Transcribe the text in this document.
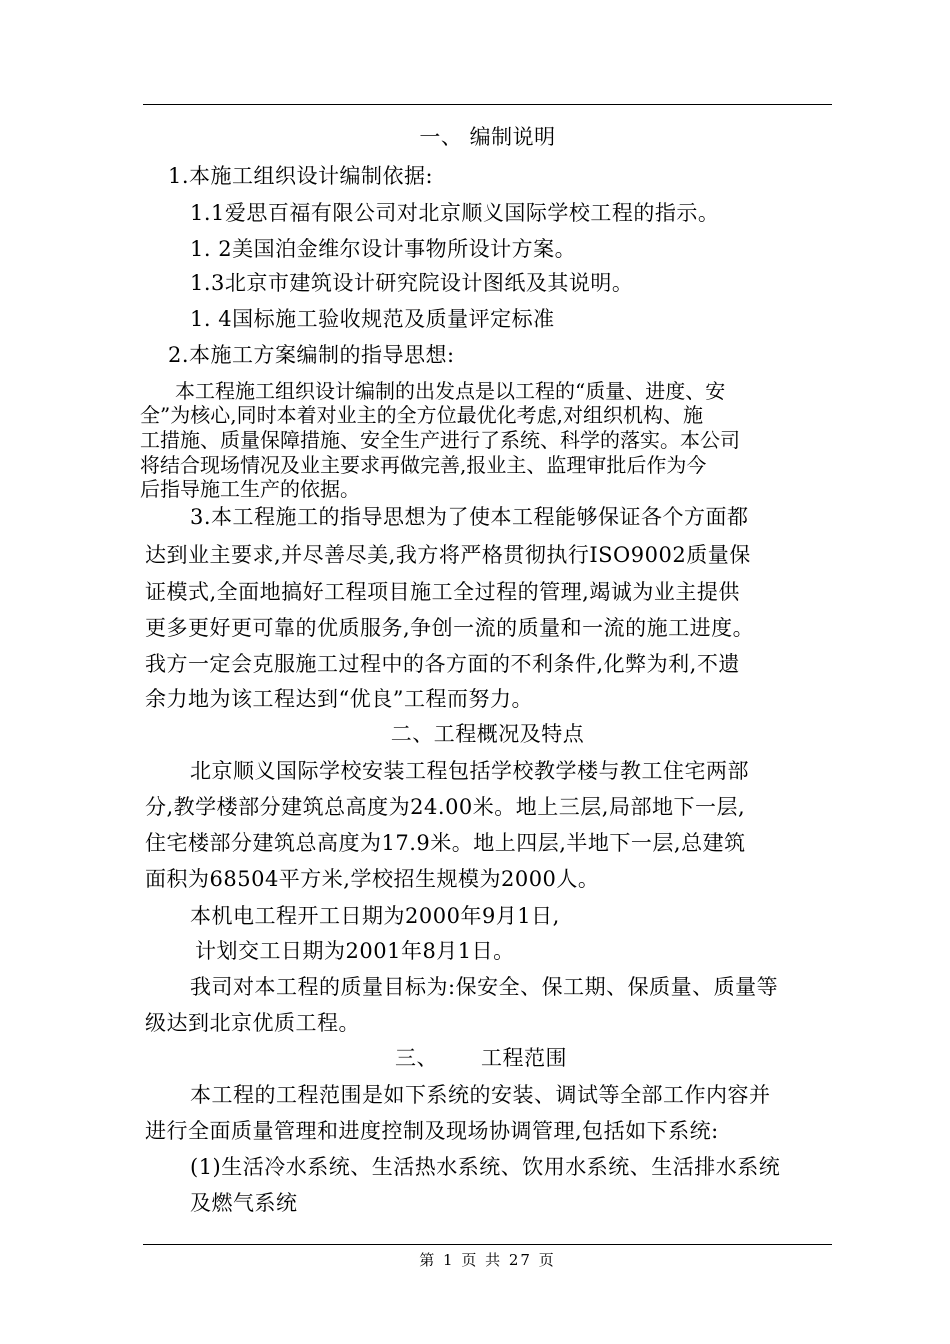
一、 编制说明
1.本施工组织设计编制依据:
1.1爱思百福有限公司对北京顺义国际学校工程的指示。
1. 2美国泊金维尔设计事物所设计方案。
1.3北京市建筑设计研究院设计图纸及其说明。
1. 4国标施工验收规范及质量评定标准
2.本施工方案编制的指导思想:
本工程施工组织设计编制的出发点是以工程的“质量、进度、安
全”为核心,同时本着对业主的全方位最优化考虑,对组织机构、施
工措施、质量保障措施、安全生产进行了系统、科学的落实。本公司
将结合现场情况及业主要求再做完善,报业主、监理审批后作为今
后指导施工生产的依据。
3.本工程施工的指导思想为了使本工程能够保证各个方面都
达到业主要求,并尽善尽美,我方将严格贯彻执行ISO9002质量保
证模式,全面地搞好工程项目施工全过程的管理,竭诚为业主提供
更多更好更可靠的优质服务,争创一流的质量和一流的施工进度。
我方一定会克服施工过程中的各方面的不利条件,化弊为利,不遗
余力地为该工程达到“优良”工程而努力。
二、工程概况及特点
北京顺义国际学校安装工程包括学校教学楼与教工住宅两部
分,教学楼部分建筑总高度为24.00米。地上三层,局部地下一层,
住宅楼部分建筑总高度为17.9米。地上四层,半地下一层,总建筑
面积为68504平方米,学校招生规模为2000人。
本机电工程开工日期为2000年9月1日,
计划交工日期为2001年8月1日。
我司对本工程的质量目标为:保安全、保工期、保质量、质量等
级达到北京优质工程。
三、      工程范围
本工程的工程范围是如下系统的安装、调试等全部工作内容并
进行全面质量管理和进度控制及现场协调管理,包括如下系统:
(1)生活冷水系统、生活热水系统、饮用水系统、生活排水系统
及燃气系统
第 1 页 共 27 页
